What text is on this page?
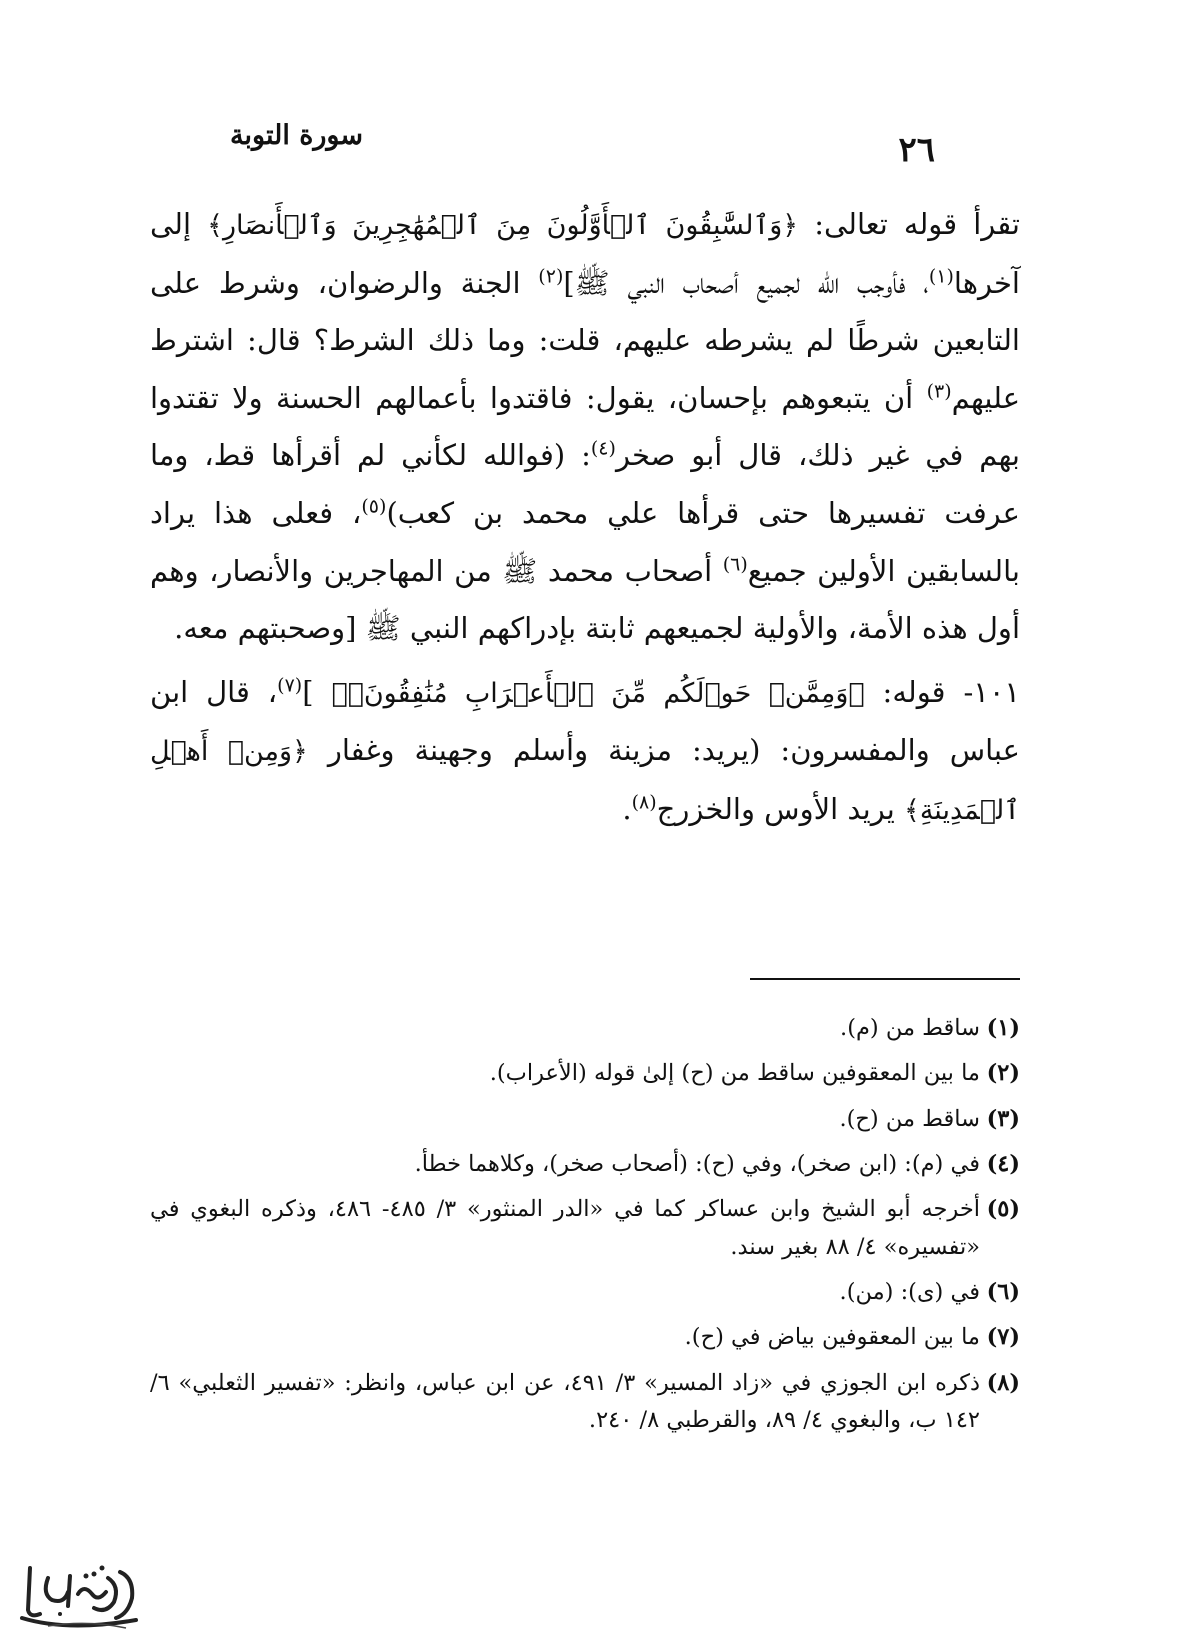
٢٦
سورة التوبة

تقرأ قوله تعالى: ﴿وَٱلسَّٰبِقُونَ ٱلۡأَوَّلُونَ مِنَ ٱلۡمُهَٰجِرِينَ وَٱلۡأَنصَارِ﴾ إلى آخرها$^{(١)}$، فأوجب الله لجميع أصحاب النبي ﷺ]$^{(٢)}$ الجنة والرضوان، وشرط على التابعين شرطًا لم يشرطه عليهم، قلت: وما ذلك الشرط؟ قال: اشترط عليهم$^{(٣)}$ أن يتبعوهم بإحسان، يقول: فاقتدوا بأعمالهم الحسنة ولا تقتدوا بهم في غير ذلك، قال أبو صخر$^{(٤)}$: (فوالله لكأني لم أقرأها قط، وما عرفت تفسيرها حتى قرأها علي محمد بن كعب)$^{(٥)}$، فعلى هذا يراد بالسابقين الأولين جميع$^{(٦)}$ أصحاب محمد ﷺ من المهاجرين والأنصار، وهم أول هذه الأمة، والأولية لجميعهم ثابتة بإدراكهم النبي ﷺ [وصحبتهم معه.

١٠١- قوله: ﴿وَمِمَّنۡ حَوۡلَكُم مِّنَ ٱلۡأَعۡرَابِ مُنَٰفِقُونَۖ﴾ ]$^{(٧)}$، قال ابن عباس والمفسرون: (يريد: مزينة وأسلم وجهينة وغفار ﴿وَمِنۡ أَهۡلِ ٱلۡمَدِينَةِ﴾ يريد الأوس والخزرج$^{(٨)}$.

(١)
ساقط من (م).
(٢)
ما بين المعقوفين ساقط من (ح) إلىٰ قوله (الأعراب).
(٣)
ساقط من (ح).
(٤)
في (م): (ابن صخر)، وفي (ح): (أصحاب صخر)، وكلاهما خطأ.
(٥)
أخرجه أبو الشيخ وابن عساكر كما في «الدر المنثور» ٣/ ٤٨٥- ٤٨٦، وذكره البغوي في «تفسيره» ٤/ ٨٨ بغير سند.
(٦)
في (ى): (من).
(٧)
ما بين المعقوفين بياض في (ح).
(٨)
ذكره ابن الجوزي في «زاد المسير» ٣/ ٤٩١، عن ابن عباس، وانظر: «تفسير الثعلبي» ٦/ ١٤٢ ب، والبغوي ٤/ ٨٩، والقرطبي ٨/ ٢٤٠.
